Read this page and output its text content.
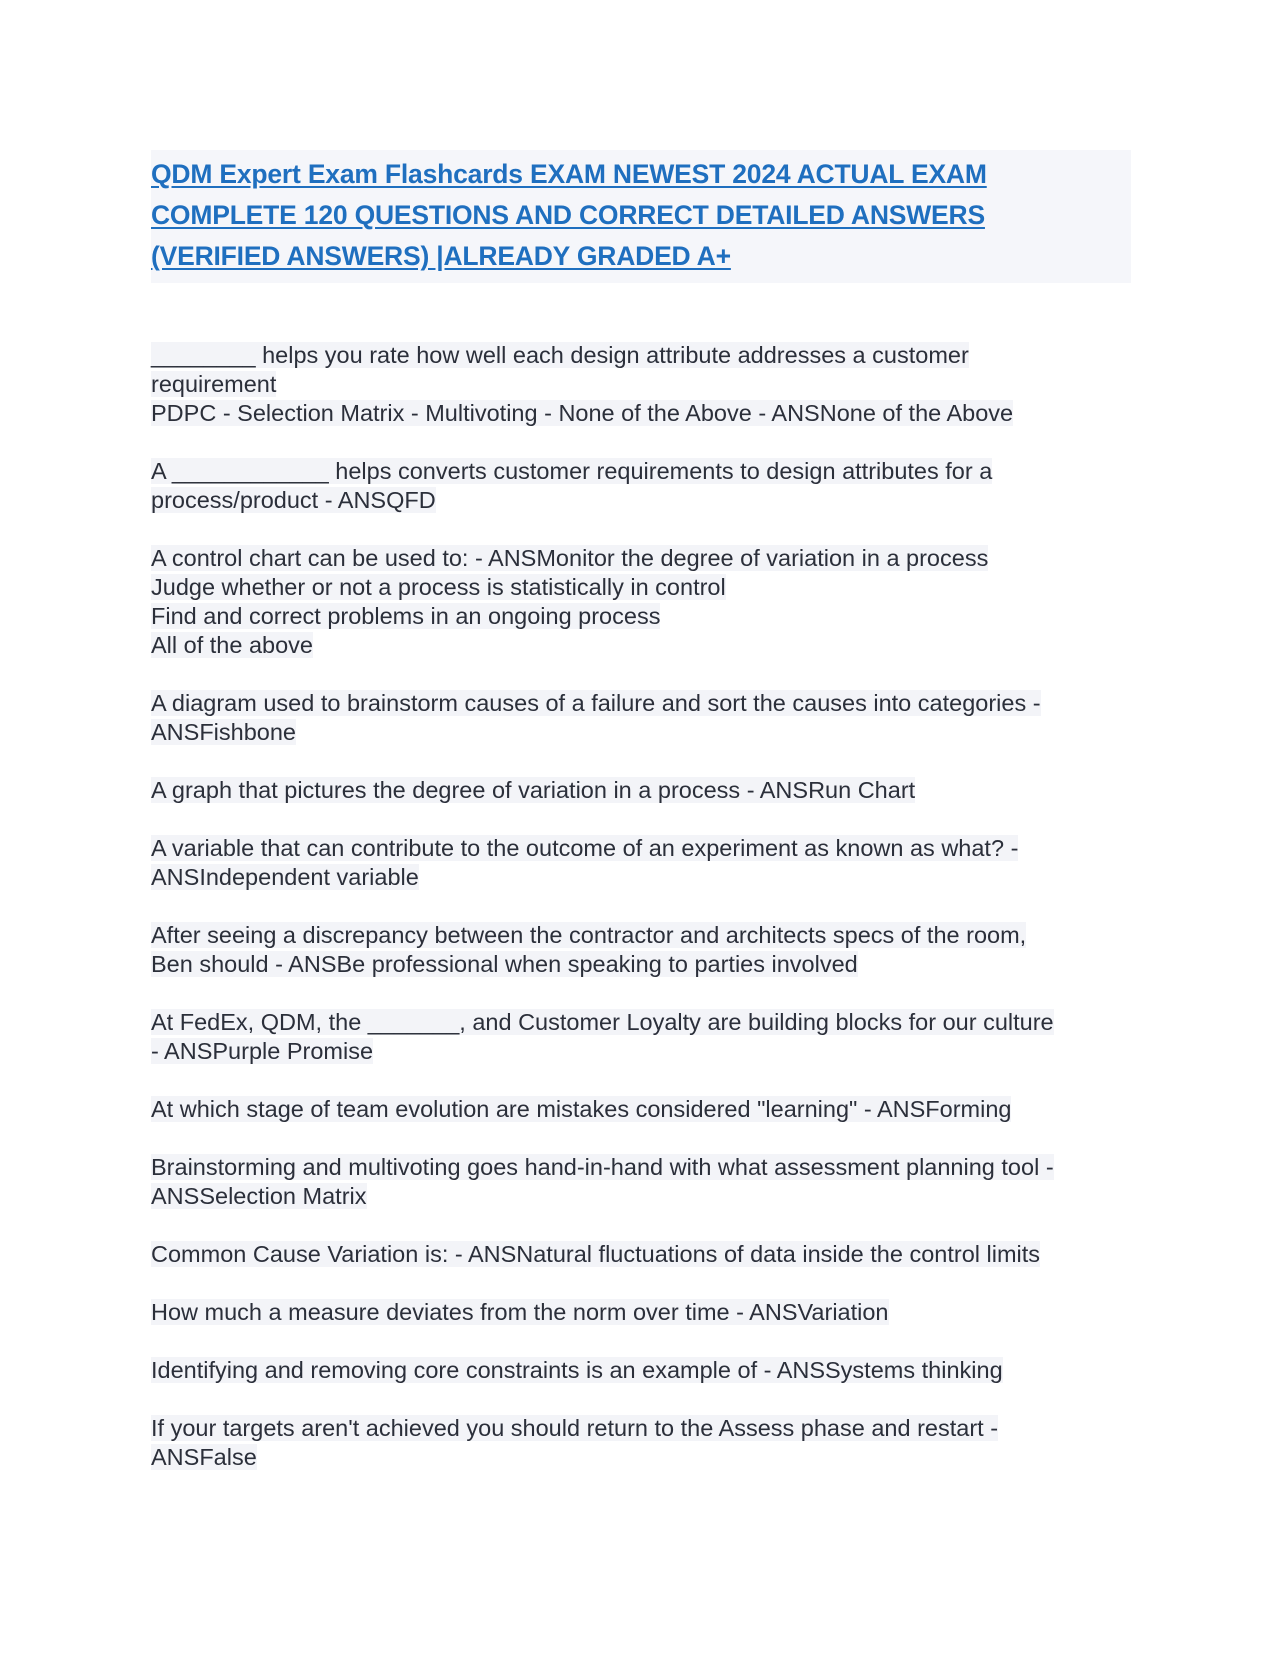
QDM Expert Exam Flashcards EXAM NEWEST 2024 ACTUAL EXAM
COMPLETE 120 QUESTIONS AND CORRECT DETAILED ANSWERS
(VERIFIED ANSWERS) |ALREADY GRADED A+
________ helps you rate how well each design attribute addresses a customer
requirement
PDPC - Selection Matrix - Multivoting - None of the Above - ANSNone of the Above
A ____________ helps converts customer requirements to design attributes for a
process/product - ANSQFD
A control chart can be used to: - ANSMonitor the degree of variation in a process
Judge whether or not a process is statistically in control
Find and correct problems in an ongoing process
All of the above
A diagram used to brainstorm causes of a failure and sort the causes into categories -
ANSFishbone
A graph that pictures the degree of variation in a process - ANSRun Chart
A variable that can contribute to the outcome of an experiment as known as what? -
ANSIndependent variable
After seeing a discrepancy between the contractor and architects specs of the room,
Ben should - ANSBe professional when speaking to parties involved
At FedEx, QDM, the _______, and Customer Loyalty are building blocks for our culture
- ANSPurple Promise
At which stage of team evolution are mistakes considered "learning" - ANSForming
Brainstorming and multivoting goes hand-in-hand with what assessment planning tool -
ANSSelection Matrix
Common Cause Variation is: - ANSNatural fluctuations of data inside the control limits
How much a measure deviates from the norm over time - ANSVariation
Identifying and removing core constraints is an example of - ANSSystems thinking
If your targets aren't achieved you should return to the Assess phase and restart -
ANSFalse
